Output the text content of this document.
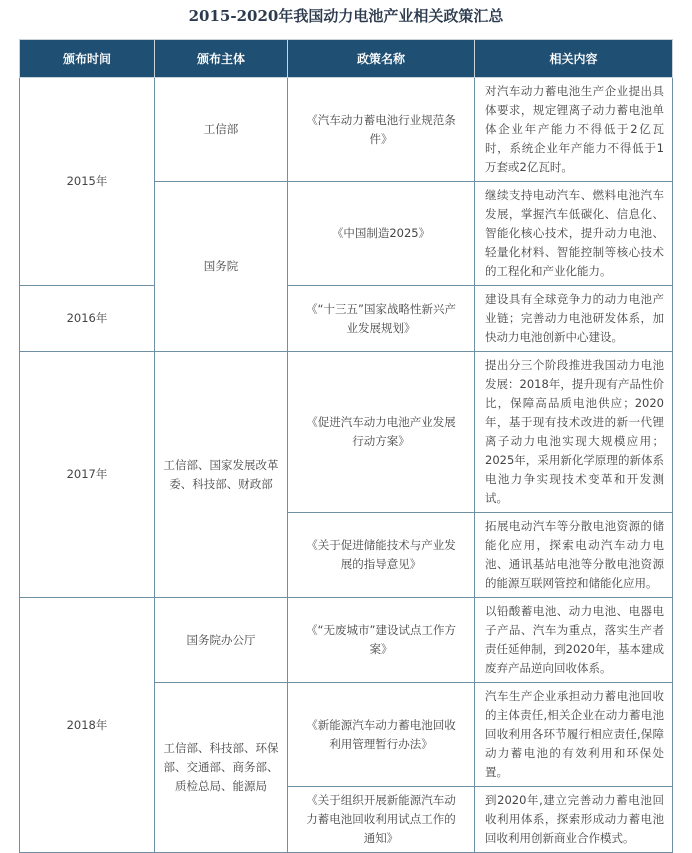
2015-2020年我国动力电池产业相关政策汇总
颁布时间	颁布主体	政策名称	相关内容
2015年	工信部	《汽车动力蓄电池行业规范条件》	对汽车动力蓄电池生产企业提出具体要求，规定锂离子动力蓄电池单体企业年产能力不得低于2亿瓦时，系统企业年产能力不得低于1万套或2亿瓦时。
	国务院	《中国制造2025》	继续支持电动汽车、燃料电池汽车发展，掌握汽车低碳化、信息化、智能化核心技术，提升动力电池、轻量化材料、智能控制等核心技术的工程化和产业化能力。
2016年		《“十三五”国家战略性新兴产业发展规划》	建设具有全球竞争力的动力电池产业链；完善动力电池研发体系，加快动力电池创新中心建设。
2017年	工信部、国家发展改革委、科技部、财政部	《促进汽车动力电池产业发展行动方案》	提出分三个阶段推进我国动力电池发展：2018年，提升现有产品性价比，保障高品质电池供应；2020年，基于现有技术改进的新一代锂离子动力电池实现大规模应用；2025年，采用新化学原理的新体系电池力争实现技术变革和开发测试。
		《关于促进储能技术与产业发展的指导意见》	拓展电动汽车等分散电池资源的储能化应用，探索电动汽车动力电池、通讯基站电池等分散电池资源的能源互联网管控和储能化应用。
2018年	国务院办公厅	《“无废城市”建设试点工作方案》	以铅酸蓄电池、动力电池、电器电子产品、汽车为重点，落实生产者责任延伸制，到2020年，基本建成废弃产品逆向回收体系。
	工信部、科技部、环保部、交通部、商务部、质检总局、能源局	《新能源汽车动力蓄电池回收利用管理暂行办法》	汽车生产企业承担动力蓄电池回收的主体责任,相关企业在动力蓄电池回收利用各环节履行相应责任,保障动力蓄电池的有效利用和环保处置。
		《关于组织开展新能源汽车动力蓄电池回收利用试点工作的通知》	到2020年,建立完善动力蓄电池回收利用体系，探索形成动力蓄电池回收利用创新商业合作模式。
